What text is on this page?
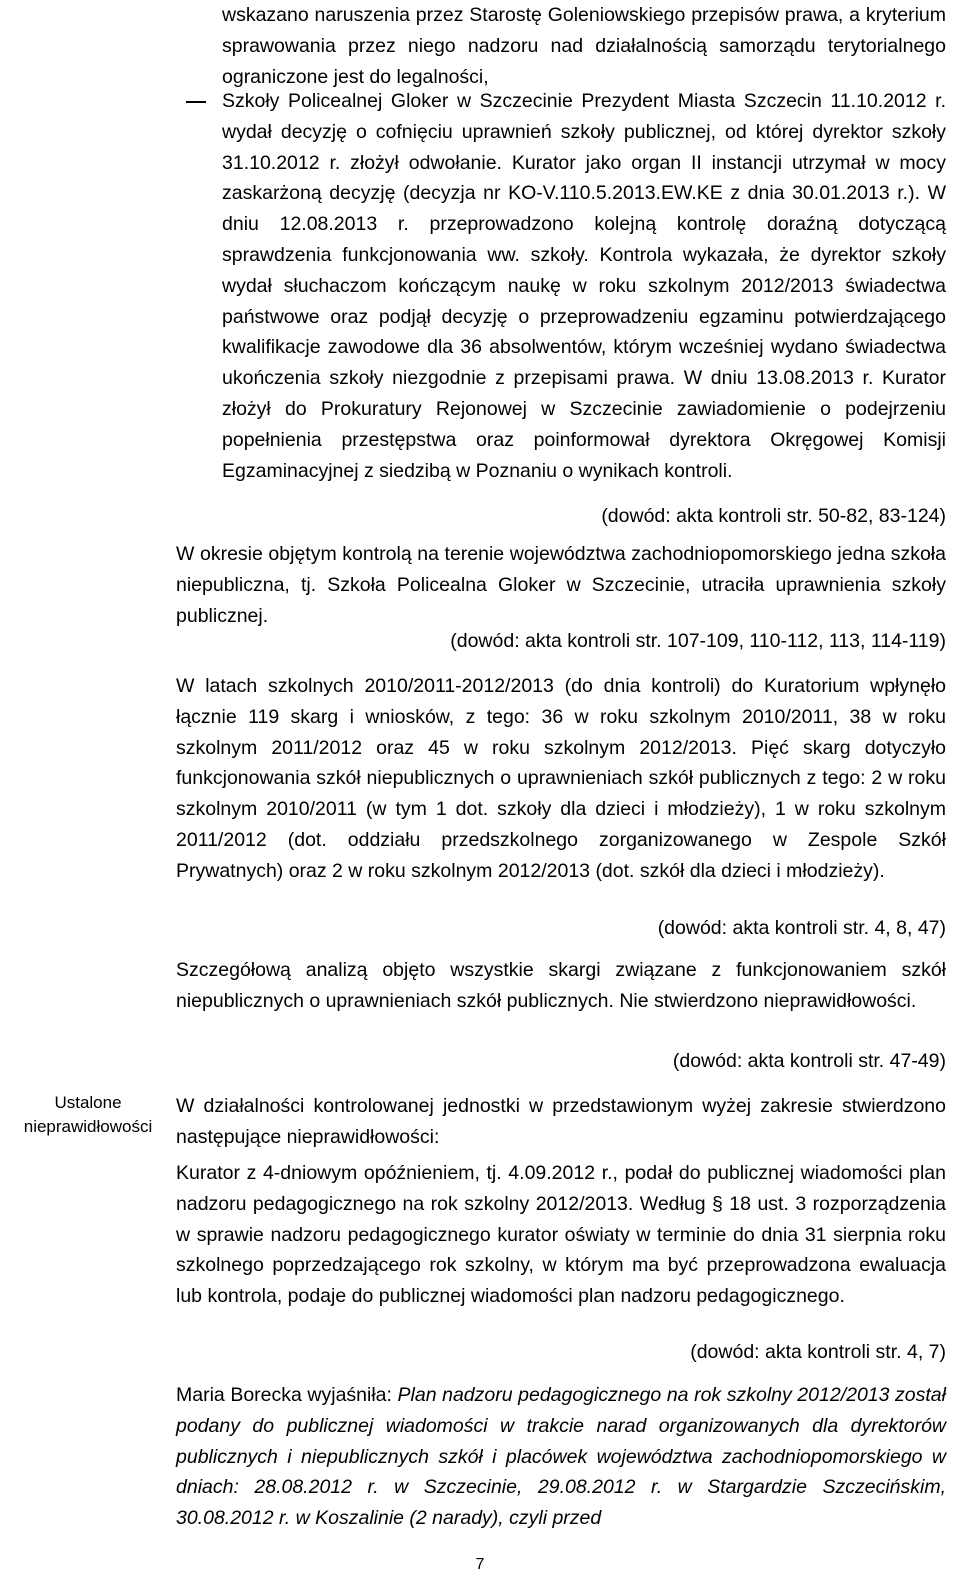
wskazano naruszenia przez Starostę Goleniowskiego przepisów prawa, a kryterium sprawowania przez niego nadzoru nad działalnością samorządu terytorialnego ograniczone jest do legalności,

Szkoły Policealnej Gloker w Szczecinie Prezydent Miasta Szczecin 11.10.2012 r. wydał decyzję o cofnięciu uprawnień szkoły publicznej, od której dyrektor szkoły 31.10.2012 r. złożył odwołanie. Kurator jako organ II instancji utrzymał w mocy zaskarżoną decyzję (decyzja nr KO-V.110.5.2013.EW.KE z dnia 30.01.2013 r.). W dniu 12.08.2013 r. przeprowadzono kolejną kontrolę doraźną dotyczącą sprawdzenia funkcjonowania ww. szkoły. Kontrola wykazała, że dyrektor szkoły wydał słuchaczom kończącym naukę w roku szkolnym 2012/2013 świadectwa państwowe oraz podjął decyzję o przeprowadzeniu egzaminu potwierdzającego kwalifikacje zawodowe dla 36 absolwentów, którym wcześniej wydano świadectwa ukończenia szkoły niezgodnie z przepisami prawa. W dniu 13.08.2013 r. Kurator złożył do Prokuratury Rejonowej w Szczecinie zawiadomienie o podejrzeniu popełnienia przestępstwa oraz poinformował dyrektora Okręgowej Komisji Egzaminacyjnej z siedzibą w Poznaniu o wynikach kontroli.

(dowód: akta kontroli str. 50-82, 83-124)

W okresie objętym kontrolą na terenie województwa zachodniopomorskiego jedna szkoła niepubliczna, tj. Szkoła Policealna Gloker w Szczecinie, utraciła uprawnienia szkoły publicznej.

(dowód: akta kontroli str. 107-109, 110-112, 113, 114-119)

W latach szkolnych 2010/2011-2012/2013 (do dnia kontroli) do Kuratorium wpłynęło łącznie 119 skarg i wniosków, z tego: 36 w roku szkolnym 2010/2011, 38 w roku szkolnym 2011/2012 oraz 45 w roku szkolnym 2012/2013. Pięć skarg dotyczyło funkcjonowania szkół niepublicznych o uprawnieniach szkół publicznych z tego: 2 w roku szkolnym 2010/2011 (w tym 1 dot. szkoły dla dzieci i młodzieży), 1 w roku szkolnym 2011/2012 (dot. oddziału przedszkolnego zorganizowanego w Zespole Szkół Prywatnych) oraz 2 w roku szkolnym 2012/2013 (dot. szkół dla dzieci i młodzieży).

(dowód: akta kontroli str. 4, 8, 47)

Szczegółową analizą objęto wszystkie skargi związane z funkcjonowaniem szkół niepublicznych o uprawnieniach szkół publicznych. Nie stwierdzono nieprawidłowości.

(dowód: akta kontroli str. 47-49)

Ustalone
nieprawidłowości

W działalności kontrolowanej jednostki w przedstawionym wyżej zakresie stwierdzono następujące nieprawidłowości:

Kurator z 4-dniowym opóźnieniem, tj. 4.09.2012 r., podał do publicznej wiadomości plan nadzoru pedagogicznego na rok szkolny 2012/2013. Według § 18 ust. 3 rozporządzenia w sprawie nadzoru pedagogicznego kurator oświaty w terminie do dnia 31 sierpnia roku szkolnego poprzedzającego rok szkolny, w którym ma być przeprowadzona ewaluacja lub kontrola, podaje do publicznej wiadomości plan nadzoru pedagogicznego.

(dowód: akta kontroli str. 4, 7)

Maria Borecka wyjaśniła: Plan nadzoru pedagogicznego na rok szkolny 2012/2013 został podany do publicznej wiadomości w trakcie narad organizowanych dla dyrektorów publicznych i niepublicznych szkół i placówek województwa zachodniopomorskiego w dniach: 28.08.2012 r. w Szczecinie, 29.08.2012 r. w Stargardzie Szczecińskim, 30.08.2012 r. w Koszalinie (2 narady), czyli przed

7
